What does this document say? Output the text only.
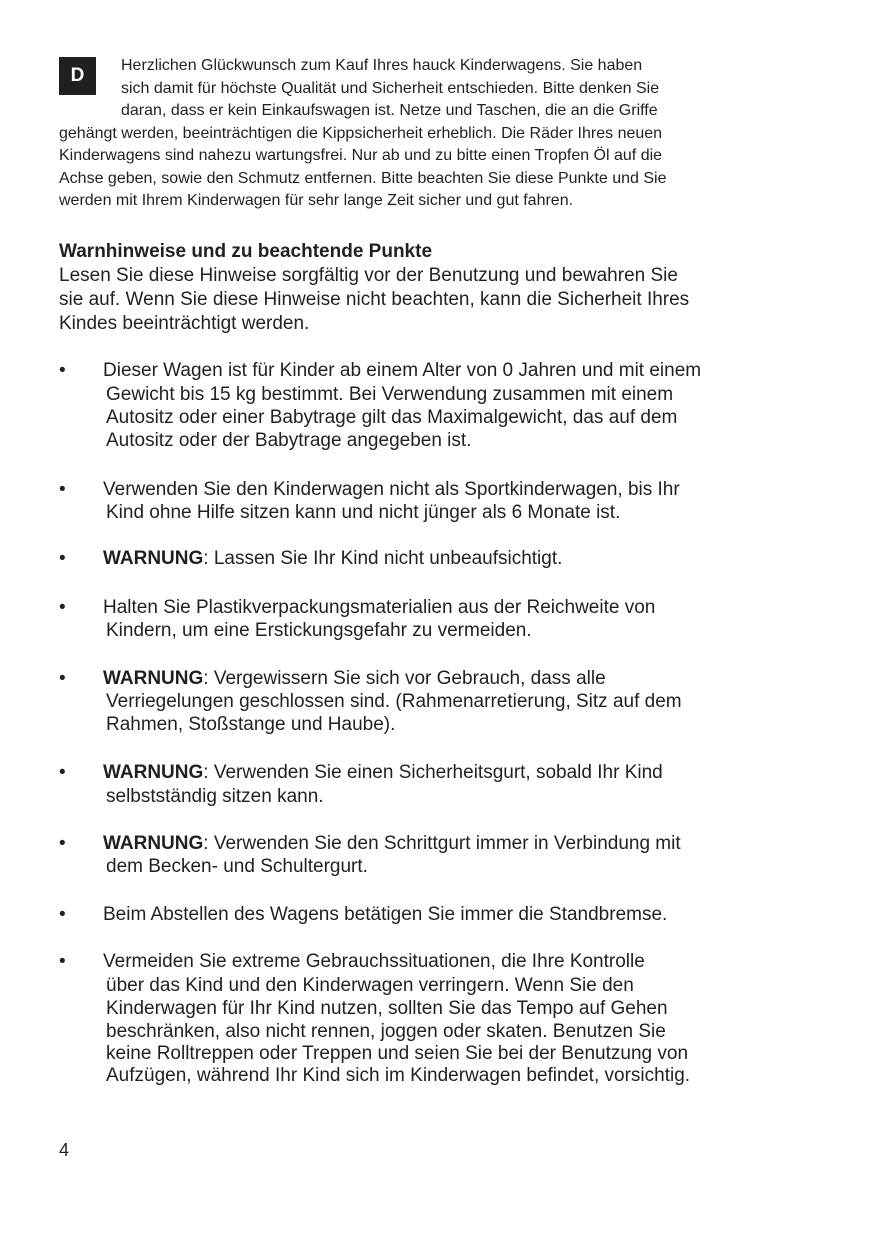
D	Herzlichen Glückwunsch zum Kauf Ihres hauck Kinderwagens. Sie haben
sich damit für höchste Qualität und Sicherheit entschieden. Bitte denken Sie
daran, dass er kein Einkaufswagen ist. Netze und Taschen, die an die Griffe
gehängt werden, beeinträchtigen die Kippsicherheit erheblich. Die Räder Ihres neuen
Kinderwagens sind nahezu wartungsfrei. Nur ab und zu bitte einen Tropfen Öl auf die
Achse geben, sowie den Schmutz entfernen. Bitte beachten Sie diese Punkte und Sie
werden mit Ihrem Kinderwagen für sehr lange Zeit sicher und gut fahren.
Warnhinweise und zu beachtende Punkte
Lesen Sie diese Hinweise sorgfältig vor der Benutzung und bewahren Sie
sie auf. Wenn Sie diese Hinweise nicht beachten, kann die Sicherheit Ihres
Kindes beeinträchtigt werden.
• Dieser Wagen ist für Kinder ab einem Alter von 0 Jahren und mit einem
Gewicht bis 15 kg bestimmt. Bei Verwendung zusammen mit einem
Autositz oder einer Babytrage gilt das Maximalgewicht, das auf dem
Autositz oder der Babytrage angegeben ist.
• Verwenden Sie den Kinderwagen nicht als Sportkinderwagen, bis Ihr
Kind ohne Hilfe sitzen kann und nicht jünger als 6 Monate ist.
• WARNUNG: Lassen Sie Ihr Kind nicht unbeaufsichtigt.
• Halten Sie Plastikverpackungsmaterialien aus der Reichweite von
Kindern, um eine Erstickungsgefahr zu vermeiden.
• WARNUNG: Vergewissern Sie sich vor Gebrauch, dass alle
Verriegelungen geschlossen sind. (Rahmenarretierung, Sitz auf dem
Rahmen, Stoßstange und Haube).
• WARNUNG: Verwenden Sie einen Sicherheitsgurt, sobald Ihr Kind
selbstständig sitzen kann.
• WARNUNG: Verwenden Sie den Schrittgurt immer in Verbindung mit
dem Becken- und Schultergurt.
• Beim Abstellen des Wagens betätigen Sie immer die Standbremse.
• Vermeiden Sie extreme Gebrauchssituationen, die Ihre Kontrolle
über das Kind und den Kinderwagen verringern. Wenn Sie den
Kinderwagen für Ihr Kind nutzen, sollten Sie das Tempo auf Gehen
beschränken, also nicht rennen, joggen oder skaten. Benutzen Sie
keine Rolltreppen oder Treppen und seien Sie bei der Benutzung von
Aufzügen, während Ihr Kind sich im Kinderwagen befindet, vorsichtig.
4
